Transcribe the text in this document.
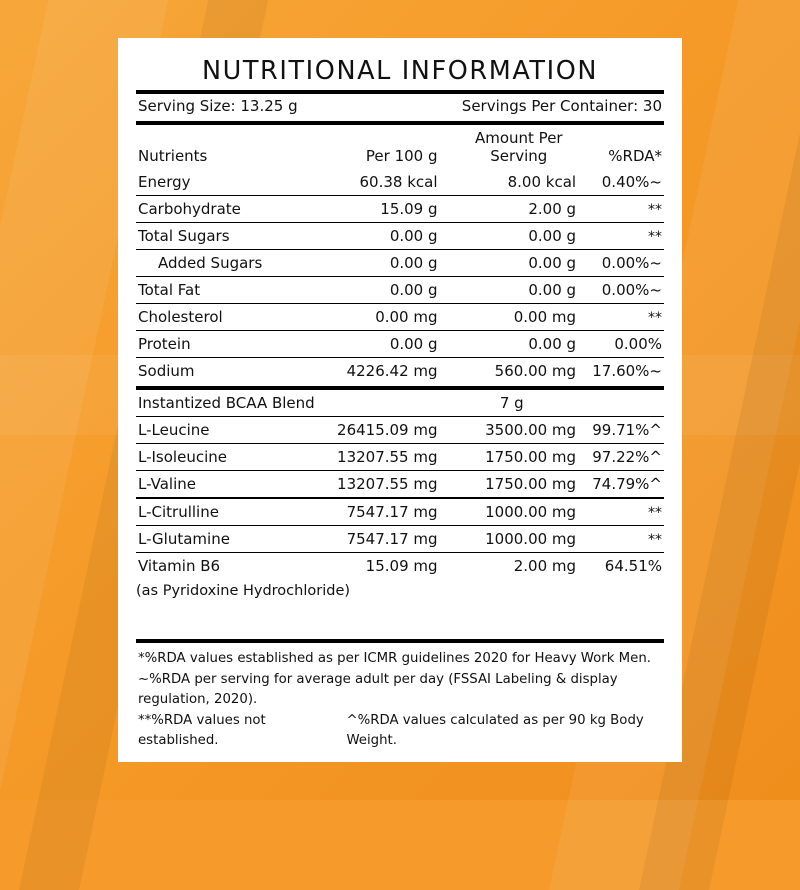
NUTRITIONAL INFORMATION
Serving Size: 13.25 g	Servings Per Container: 30
Nutrients	Per 100 g	Amount Per Serving	%RDA*
Energy	60.38 kcal	8.00 kcal	0.40%~
Carbohydrate	15.09 g	2.00 g	**
Total Sugars	0.00 g	0.00 g	**
Added Sugars	0.00 g	0.00 g	0.00%~
Total Fat	0.00 g	0.00 g	0.00%~
Cholesterol	0.00 mg	0.00 mg	**
Protein	0.00 g	0.00 g	0.00%
Sodium	4226.42 mg	560.00 mg	17.60%~
Instantized BCAA Blend		7 g	
L-Leucine	26415.09 mg	3500.00 mg	99.71%^
L-Isoleucine	13207.55 mg	1750.00 mg	97.22%^
L-Valine	13207.55 mg	1750.00 mg	74.79%^
L-Citrulline	7547.17 mg	1000.00 mg	**
L-Glutamine	7547.17 mg	1000.00 mg	**
Vitamin B6	15.09 mg	2.00 mg	64.51%
(as Pyridoxine Hydrochloride)			
*%RDA values established as per ICMR guidelines 2020 for Heavy Work Men.
~%RDA per serving for average adult per day (FSSAI Labeling & display regulation, 2020).
**%RDA values not established.
^%RDA values calculated as per 90 kg Body Weight.
